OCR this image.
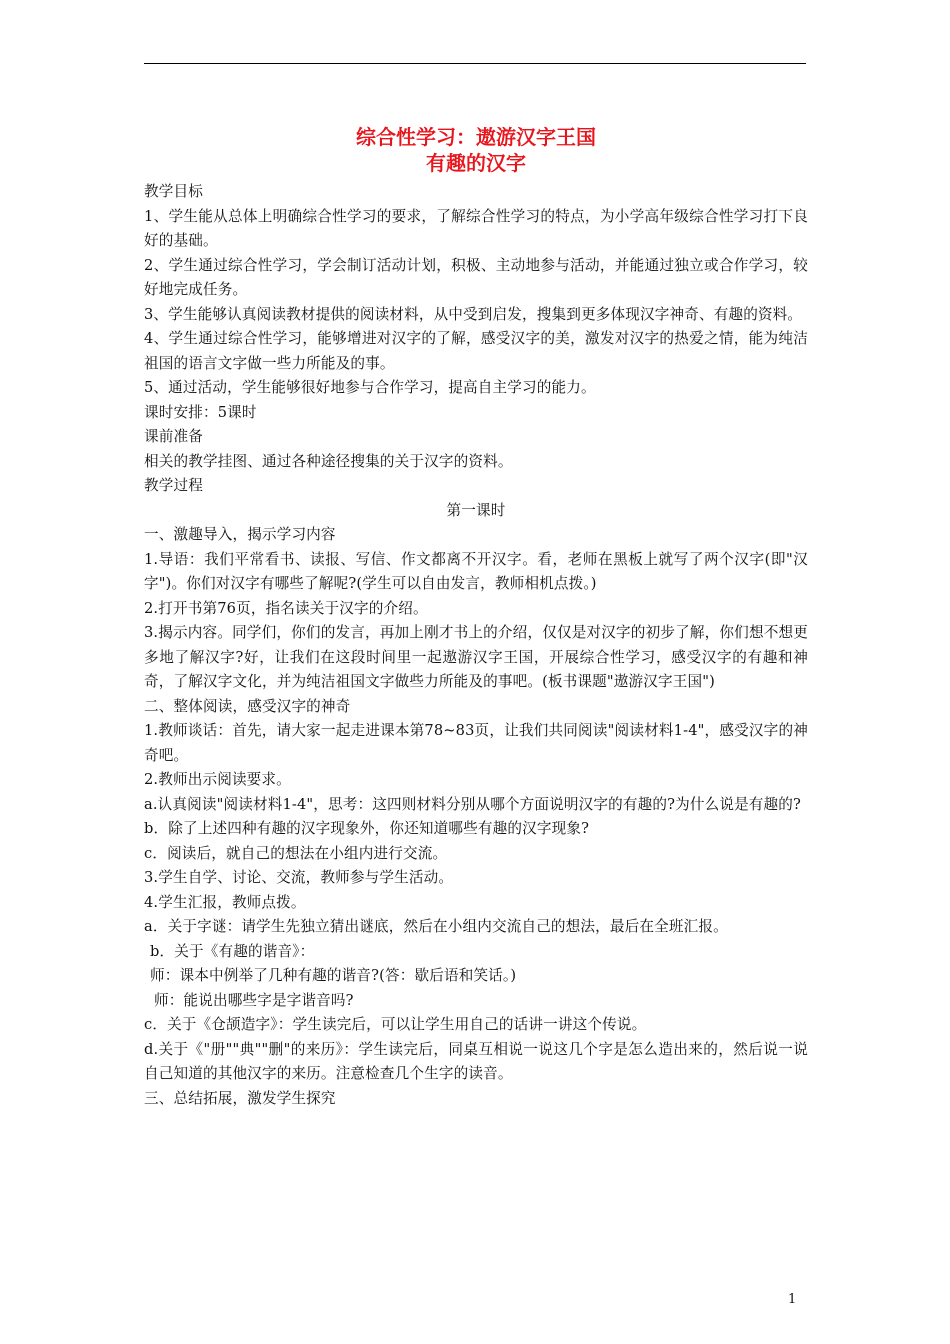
综合性学习：遨游汉字王国

有趣的汉字

教学目标

1、学生能从总体上明确综合性学习的要求，了解综合性学习的特点，为小学高年级综合性学习打下良好的基础。

2、学生通过综合性学习，学会制订活动计划，积极、主动地参与活动，并能通过独立或合作学习，较好地完成任务。

3、学生能够认真阅读教材提供的阅读材料，从中受到启发，搜集到更多体现汉字神奇、有趣的资料。

4、学生通过综合性学习，能够增进对汉字的了解，感受汉字的美，激发对汉字的热爱之情，能为纯洁祖国的语言文字做一些力所能及的事。

5、通过活动，学生能够很好地参与合作学习，提高自主学习的能力。

课时安排：5课时

课前准备

相关的教学挂图、通过各种途径搜集的关于汉字的资料。

教学过程

第一课时

一、激趣导入，揭示学习内容

1.导语：我们平常看书、读报、写信、作文都离不开汉字。看，老师在黑板上就写了两个汉字(即"汉字")。你们对汉字有哪些了解呢?(学生可以自由发言，教师相机点拨。)

2.打开书第76页，指名读关于汉字的介绍。

3.揭示内容。同学们，你们的发言，再加上刚才书上的介绍，仅仅是对汉字的初步了解，你们想不想更多地了解汉字?好，让我们在这段时间里一起遨游汉字王国，开展综合性学习，感受汉字的有趣和神奇，了解汉字文化，并为纯洁祖国文字做些力所能及的事吧。(板书课题"遨游汉字王国")

二、整体阅读，感受汉字的神奇

1.教师谈话：首先，请大家一起走进课本第78~83页，让我们共同阅读"阅读材料1-4"，感受汉字的神奇吧。

2.教师出示阅读要求。

a.认真阅读"阅读材料1-4"，思考：这四则材料分别从哪个方面说明汉字的有趣的?为什么说是有趣的?

b．除了上述四种有趣的汉字现象外，你还知道哪些有趣的汉字现象?

c．阅读后，就自己的想法在小组内进行交流。

3.学生自学、讨论、交流，教师参与学生活动。

4.学生汇报，教师点拨。

a．关于字谜：请学生先独立猜出谜底，然后在小组内交流自己的想法，最后在全班汇报。

b．关于《有趣的谐音》：

师：课本中例举了几种有趣的谐音?(答：歇后语和笑话。)

师：能说出哪些字是字谐音吗?

c．关于《仓颉造字》：学生读完后，可以让学生用自己的话讲一讲这个传说。

d.关于《"册""典""删"的来历》：学生读完后，同桌互相说一说这几个字是怎么造出来的，然后说一说自己知道的其他汉字的来历。注意检查几个生字的读音。

三、总结拓展，激发学生探究

1
